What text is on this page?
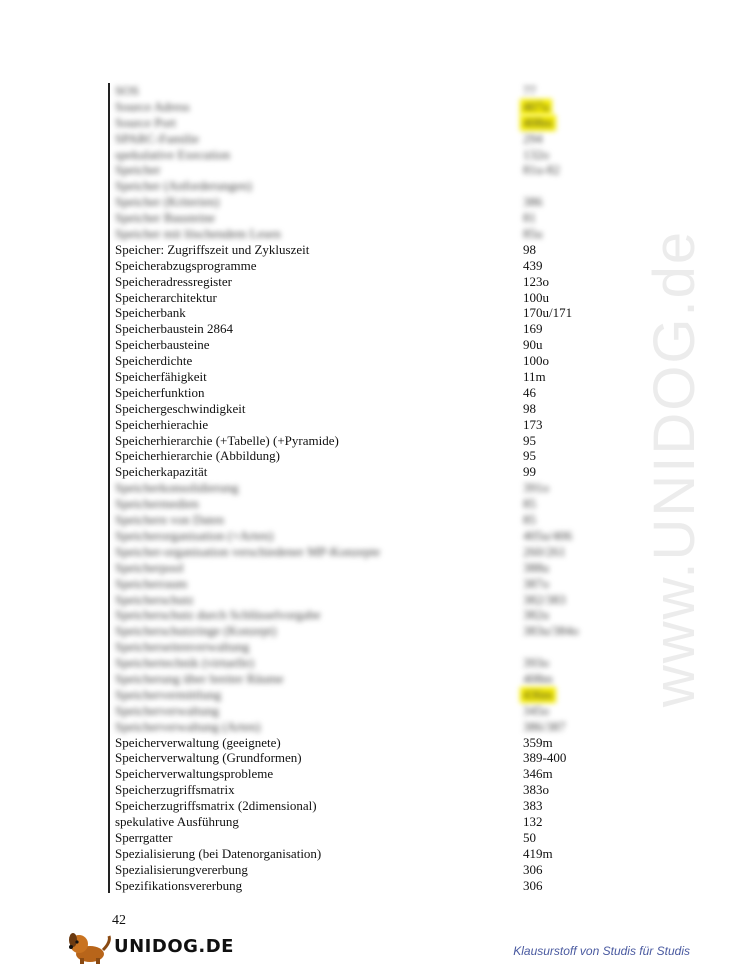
www.UNIDOG.de
SOS	77
Source Adress	407u
Source Port	408m
SPARC-Familie	294
spekulative Execution	132o
Speicher	81u-82
Speicher (Anforderungen)
Speicher (Kriterien)	386
Speicher Bausteine	81
Speicher mit löschendem Lesen	85u
Speicher: Zugriffszeit und Zykluszeit	98
Speicherabzugsprogramme	439
Speicheradressregister	123o
Speicherarchitektur	100u
Speicherbank	170u/171
Speicherbaustein 2864	169
Speicherbausteine	90u
Speicherdichte	100o
Speicherfähigkeit	11m
Speicherfunktion	46
Speichergeschwindigkeit	98
Speicherhierachie	173
Speicherhierarchie (+Tabelle) (+Pyramide)	95
Speicherhierarchie (Abbildung)	95
Speicherkapazität	99
Speicherkonsolidierung	391o
Speichermedien	85
Speichern von Daten	85
Speicherorganisation (+Arten)	405u/406
Speicher-organisation verschiedener MP-Konzepte	260/261
Speicherpool	388u
Speicherraum	387o
Speicherschutz	382/383
Speicherschutz durch Schlüsselvorgabe	382u
Speicherschutzringe (Konzept)	383u/384o
Speicherseitenverwaltung
Speichertechnik (virtuelle)	393o
Speicherung über breiter Räume	408m
Speichervermittlung	436m
Speicherverwaltung	345o
Speicherverwaltung (Arten)	386/387
Speicherverwaltung (geeignete)	359m
Speicherverwaltung (Grundformen)	389-400
Speicherverwaltungsprobleme	346m
Speicherzugriffsmatrix	383o
Speicherzugriffsmatrix (2dimensional)	383
spekulative Ausführung	132
Sperrgatter	50
Spezialisierung (bei Datenorganisation)	419m
Spezialisierungvererbung	306
Spezifikationsvererbung	306
42
UNIDOG.DE	Klausurstoff von Studis für Studis
